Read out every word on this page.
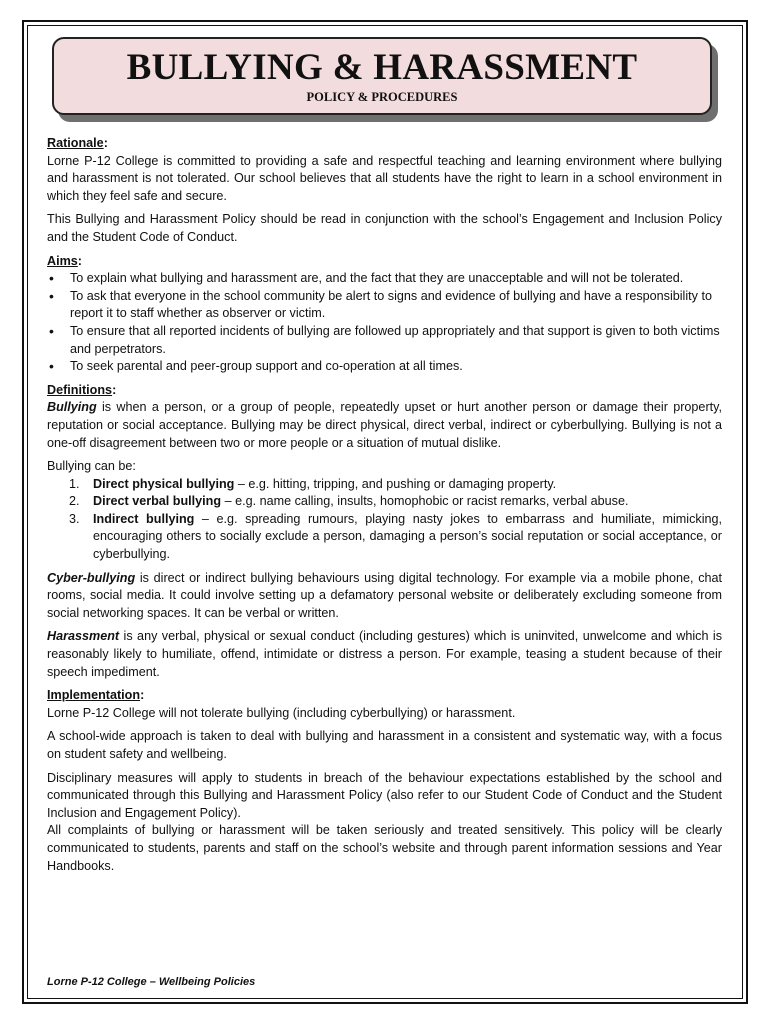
BULLYING & HARASSMENT
POLICY & PROCEDURES
Rationale:

Lorne P-12 College is committed to providing a safe and respectful teaching and learning environment where bullying and harassment is not tolerated. Our school believes that all students have the right to learn in a school environment in which they feel safe and secure.

This Bullying and Harassment Policy should be read in conjunction with the school’s Engagement and Inclusion Policy and the Student Code of Conduct.

Aims:
• To explain what bullying and harassment are, and the fact that they are unacceptable and will not be tolerated.
• To ask that everyone in the school community be alert to signs and evidence of bullying and have a responsibility to report it to staff whether as observer or victim.
• To ensure that all reported incidents of bullying are followed up appropriately and that support is given to both victims and perpetrators.
• To seek parental and peer-group support and co-operation at all times.
Definitions:

Bullying is when a person, or a group of people, repeatedly upset or hurt another person or damage their property, reputation or social acceptance. Bullying may be direct physical, direct verbal, indirect or cyberbullying. Bullying is not a one-off disagreement between two or more people or a situation of mutual dislike.

Bullying can be:

1. Direct physical bullying – e.g. hitting, tripping, and pushing or damaging property.
2. Direct verbal bullying – e.g. name calling, insults, homophobic or racist remarks, verbal abuse.
3. Indirect bullying – e.g. spreading rumours, playing nasty jokes to embarrass and humiliate, mimicking, encouraging others to socially exclude a person, damaging a person’s social reputation or social acceptance, or cyberbullying.

Cyber-bullying is direct or indirect bullying behaviours using digital technology. For example via a mobile phone, chat rooms, social media. It could involve setting up a defamatory personal website or deliberately excluding someone from social networking spaces. It can be verbal or written.

Harassment is any verbal, physical or sexual conduct (including gestures) which is uninvited, unwelcome and which is reasonably likely to humiliate, offend, intimidate or distress a person. For example, teasing a student because of their speech impediment.

Implementation:

Lorne P-12 College will not tolerate bullying (including cyberbullying) or harassment.

A school-wide approach is taken to deal with bullying and harassment in a consistent and systematic way, with a focus on student safety and wellbeing.

Disciplinary measures will apply to students in breach of the behaviour expectations established by the school and communicated through this Bullying and Harassment Policy (also refer to our Student Code of Conduct and the Student Inclusion and Engagement Policy).

All complaints of bullying or harassment will be taken seriously and treated sensitively. This policy will be clearly communicated to students, parents and staff on the school’s website and through parent information sessions and Year Handbooks.

Lorne P-12 College – Wellbeing Policies
